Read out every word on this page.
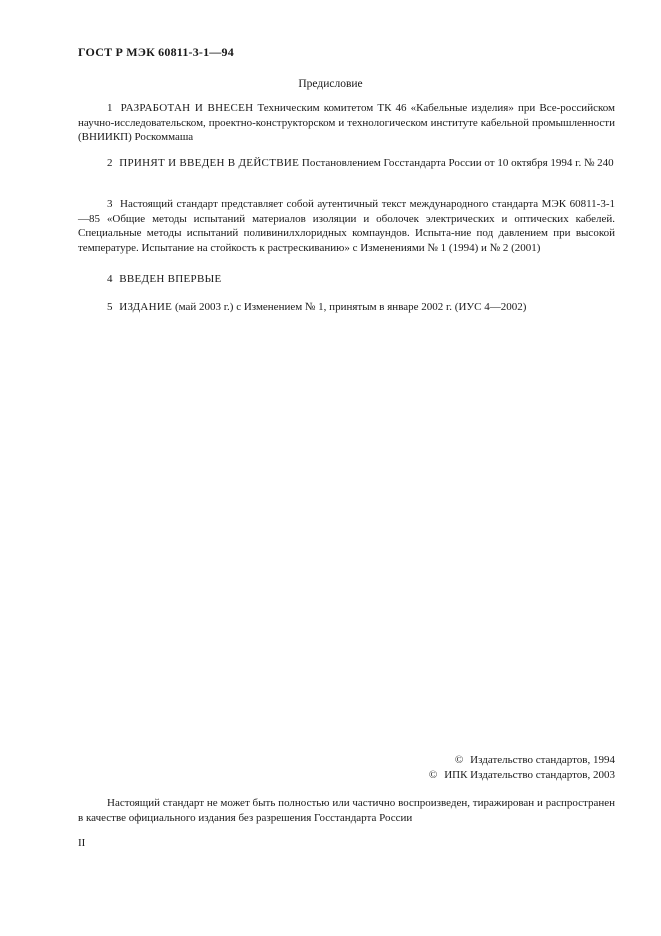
ГОСТ Р МЭК 60811-3-1—94
Предисловие

1 РАЗРАБОТАН И ВНЕСЕН Техническим комитетом ТК 46 «Кабельные изделия» при Все-российском научно-исследовательском, проектно-конструкторском и технологическом институте кабельной промышленности (ВНИИКП) Роскоммаша

2 ПРИНЯТ И ВВЕДЕН В ДЕЙСТВИЕ Постановлением Госстандарта России от 10 октября 1994 г. № 240

3 Настоящий стандарт представляет собой аутентичный текст международного стандарта МЭК 60811-3-1—85 «Общие методы испытаний материалов изоляции и оболочек электрических и оптических кабелей. Специальные методы испытаний поливинилхлоридных компаундов. Испыта-ние под давлением при высокой температуре. Испытание на стойкость к растрескиванию» с Изменениями № 1 (1994) и № 2 (2001)

4 ВВЕДЕН ВПЕРВЫЕ

5 ИЗДАНИЕ (май 2003 г.) с Изменением № 1, принятым в январе 2002 г. (ИУС 4—2002)

© Издательство стандартов, 1994
© ИПК Издательство стандартов, 2003

Настоящий стандарт не может быть полностью или частично воспроизведен, тиражирован и распространен в качестве официального издания без разрешения Госстандарта России

II
